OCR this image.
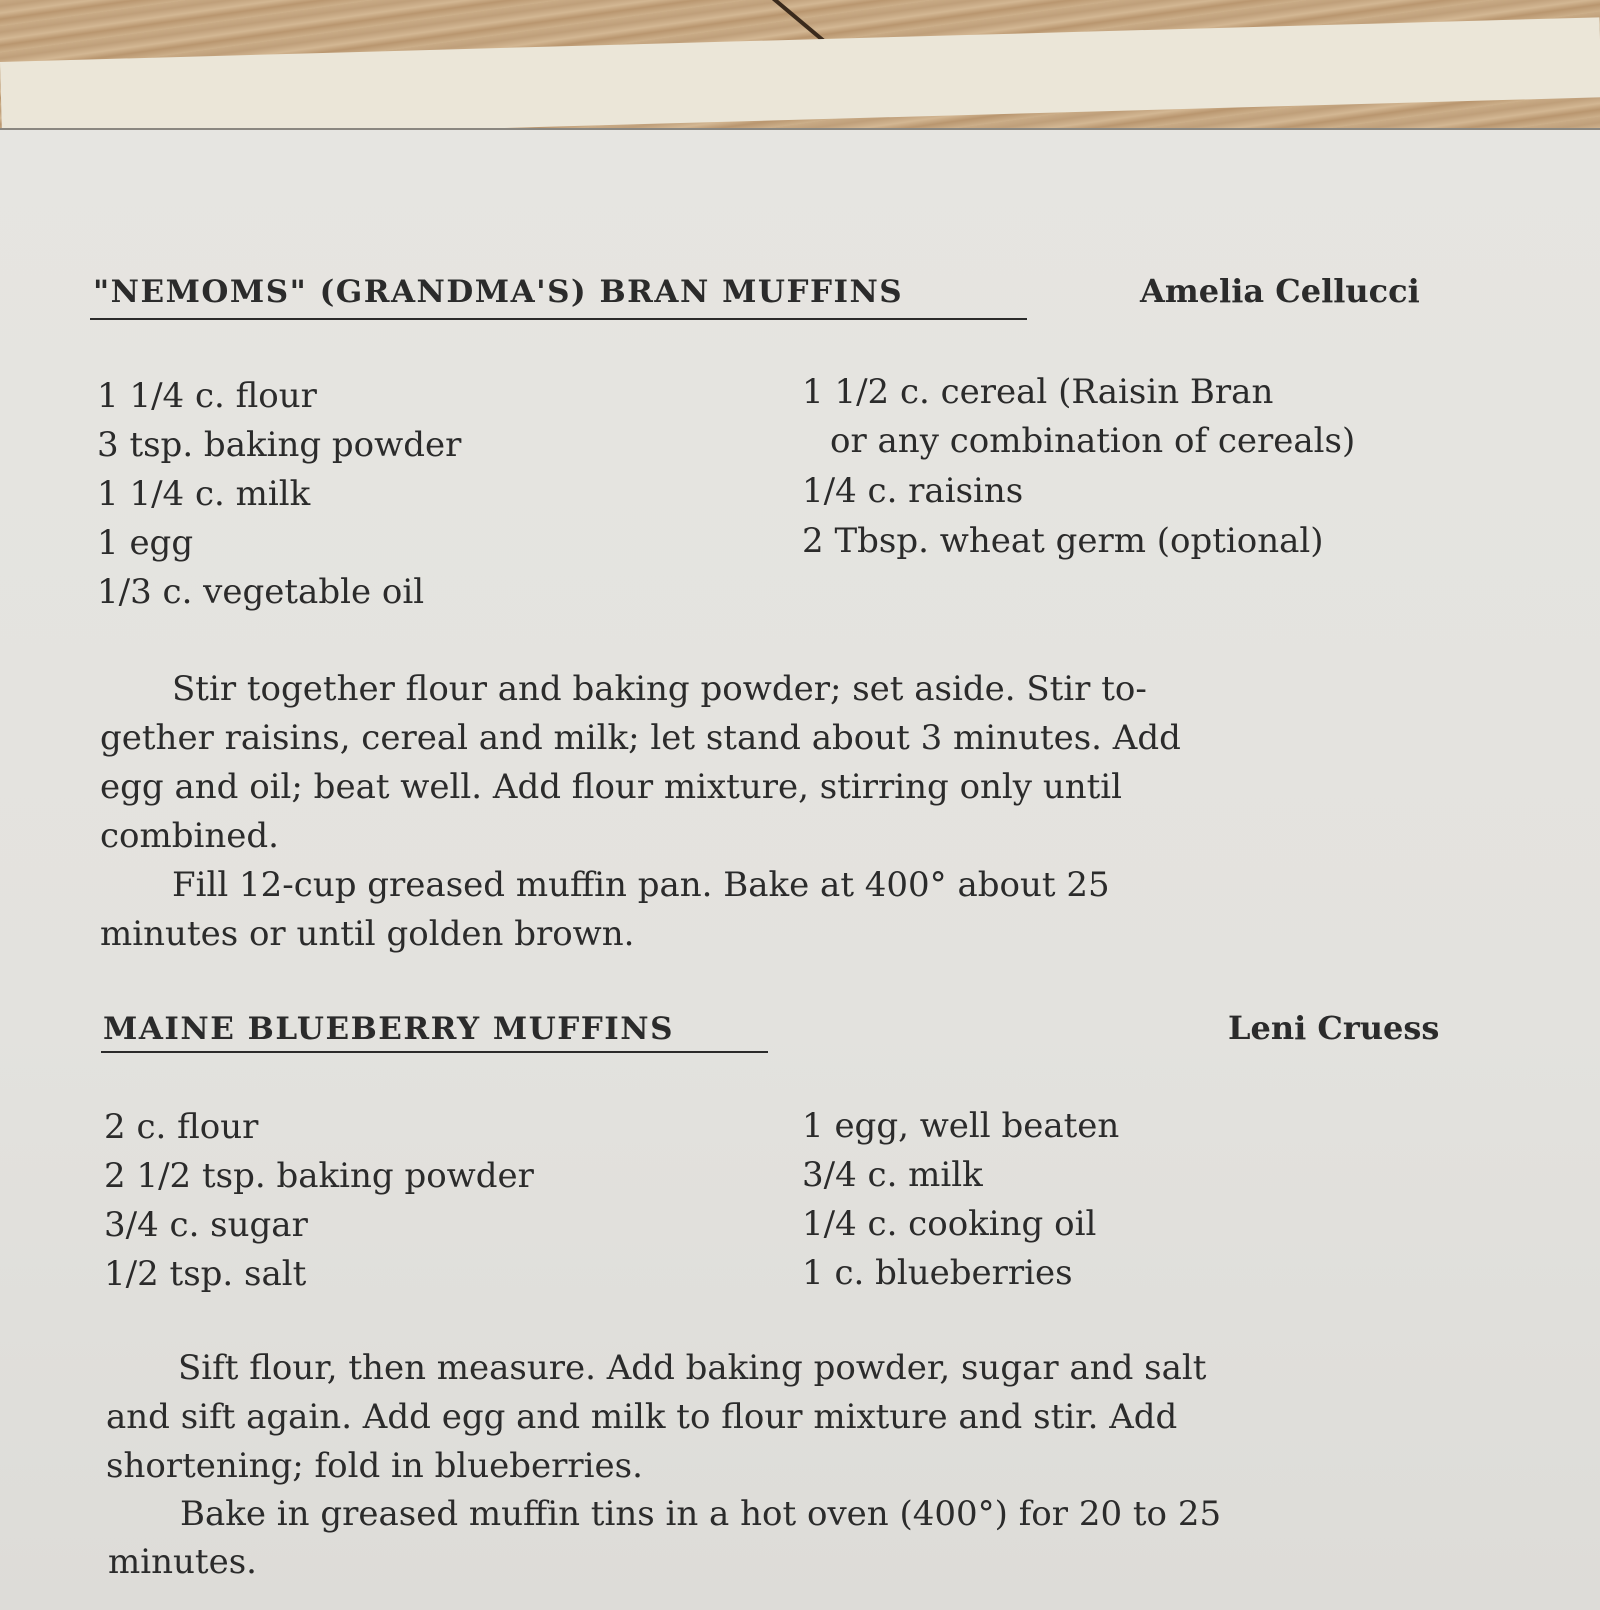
"NEMOMS" (GRANDMA'S) BRAN MUFFINS	Amelia Cellucci
1 1/4 c. flour
3 tsp. baking powder
1 1/4 c. milk
1 egg
1/3 c. vegetable oil
1 1/2 c. cereal (Raisin Bran
or any combination of cereals)
1/4 c. raisins
2 Tbsp. wheat germ (optional)
Stir together flour and baking powder; set aside. Stir to-
gether raisins, cereal and milk; let stand about 3 minutes. Add
egg and oil; beat well. Add flour mixture, stirring only until
combined.
Fill 12-cup greased muffin pan. Bake at 400° about 25
minutes or until golden brown.
MAINE BLUEBERRY MUFFINS	Leni Cruess
2 c. flour
2 1/2 tsp. baking powder
3/4 c. sugar
1/2 tsp. salt
1 egg, well beaten
3/4 c. milk
1/4 c. cooking oil
1 c. blueberries
Sift flour, then measure. Add baking powder, sugar and salt
and sift again. Add egg and milk to flour mixture and stir. Add
shortening; fold in blueberries.
Bake in greased muffin tins in a hot oven (400°) for 20 to 25
minutes.
